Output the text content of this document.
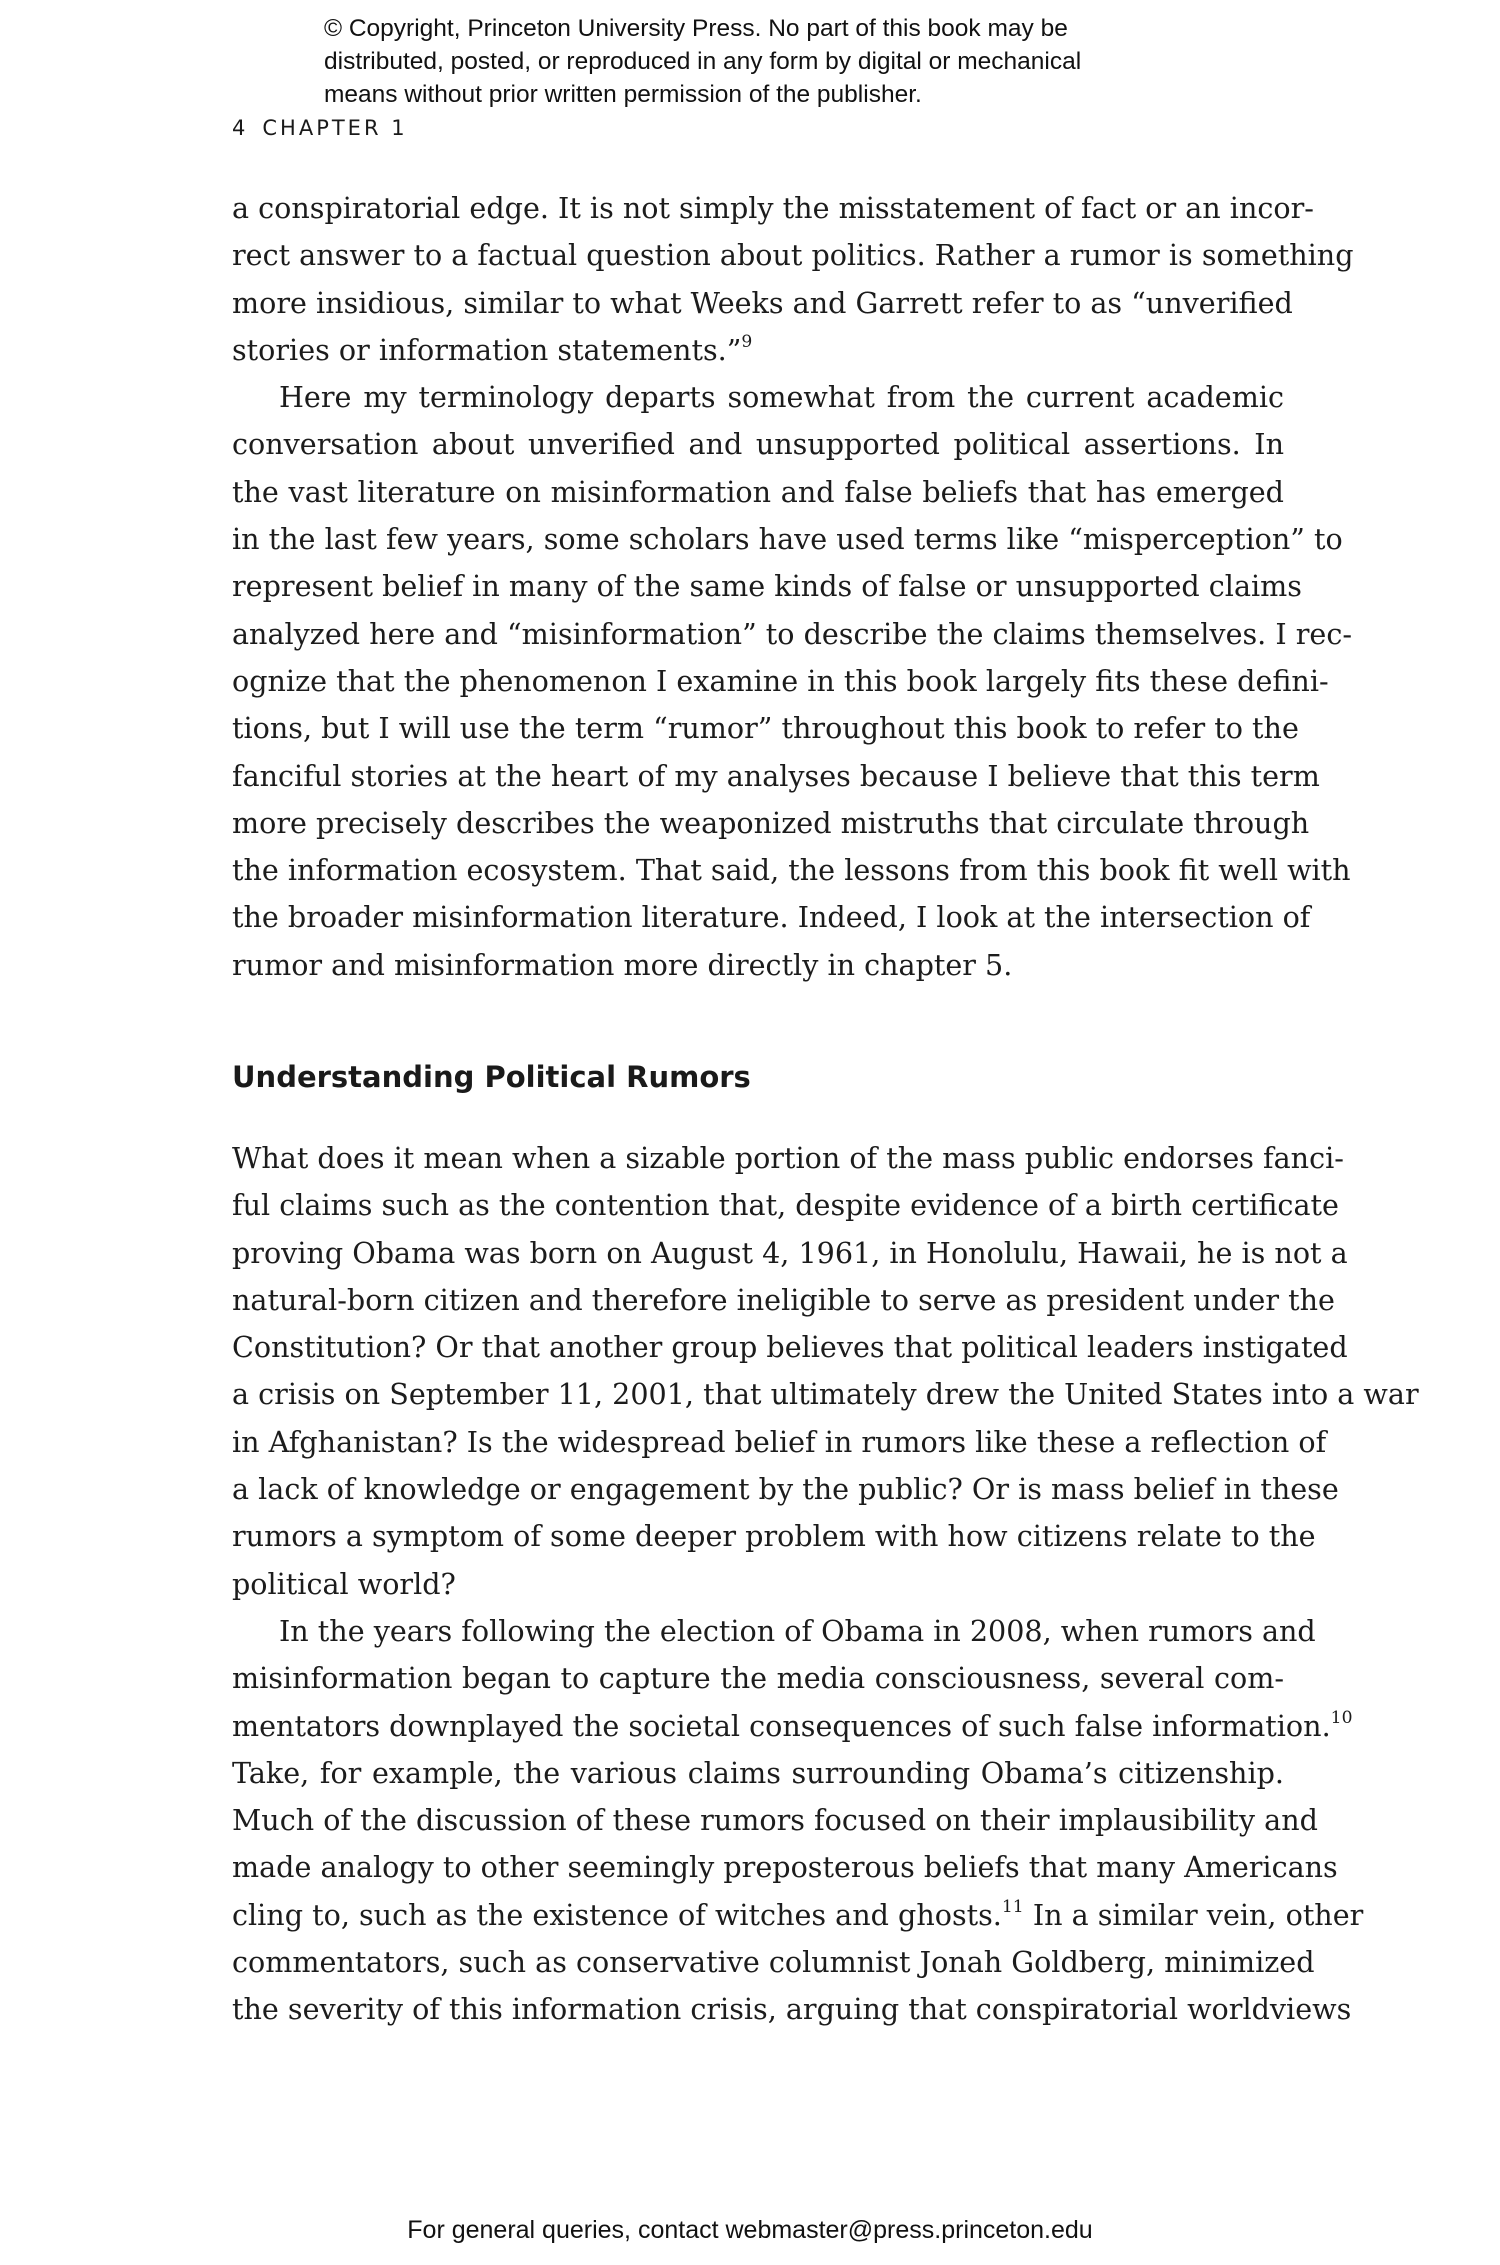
© Copyright, Princeton University Press. No part of this book may be
distributed, posted, or reproduced in any form by digital or mechanical
means without prior written permission of the publisher.
4 CHAPTER 1
a conspiratorial edge. It is not simply the misstatement of fact or an incor-
rect answer to a factual question about politics. Rather a rumor is something
more insidious, similar to what Weeks and Garrett refer to as “unverified
stories or information statements.”$^9$
Here my terminology departs somewhat from the current academic
conversation about unverified and unsupported political assertions. In
the vast literature on misinformation and false beliefs that has emerged
in the last few years, some scholars have used terms like “misperception” to
represent belief in many of the same kinds of false or unsupported claims
analyzed here and “misinformation” to describe the claims themselves. I rec-
ognize that the phenomenon I examine in this book largely fits these defini-
tions, but I will use the term “rumor” throughout this book to refer to the
fanciful stories at the heart of my analyses because I believe that this term
more precisely describes the weaponized mistruths that circulate through
the information ecosystem. That said, the lessons from this book fit well with
the broader misinformation literature. Indeed, I look at the intersection of
rumor and misinformation more directly in chapter 5.
Understanding Political Rumors
What does it mean when a sizable portion of the mass public endorses fanci-
ful claims such as the contention that, despite evidence of a birth certificate
proving Obama was born on August 4, 1961, in Honolulu, Hawaii, he is not a
natural-born citizen and therefore ineligible to serve as president under the
Constitution? Or that another group believes that political leaders instigated
a crisis on September 11, 2001, that ultimately drew the United States into a war
in Afghanistan? Is the widespread belief in rumors like these a reflection of
a lack of knowledge or engagement by the public? Or is mass belief in these
rumors a symptom of some deeper problem with how citizens relate to the
political world?
In the years following the election of Obama in 2008, when rumors and
misinformation began to capture the media consciousness, several com-
mentators downplayed the societal consequences of such false information.$^{10}$
Take, for example, the various claims surrounding Obama’s citizenship.
Much of the discussion of these rumors focused on their implausibility and
made analogy to other seemingly preposterous beliefs that many Americans
cling to, such as the existence of witches and ghosts.$^{11}$ In a similar vein, other
commentators, such as conservative columnist Jonah Goldberg, minimized
the severity of this information crisis, arguing that conspiratorial worldviews
For general queries, contact webmaster@press.princeton.edu
